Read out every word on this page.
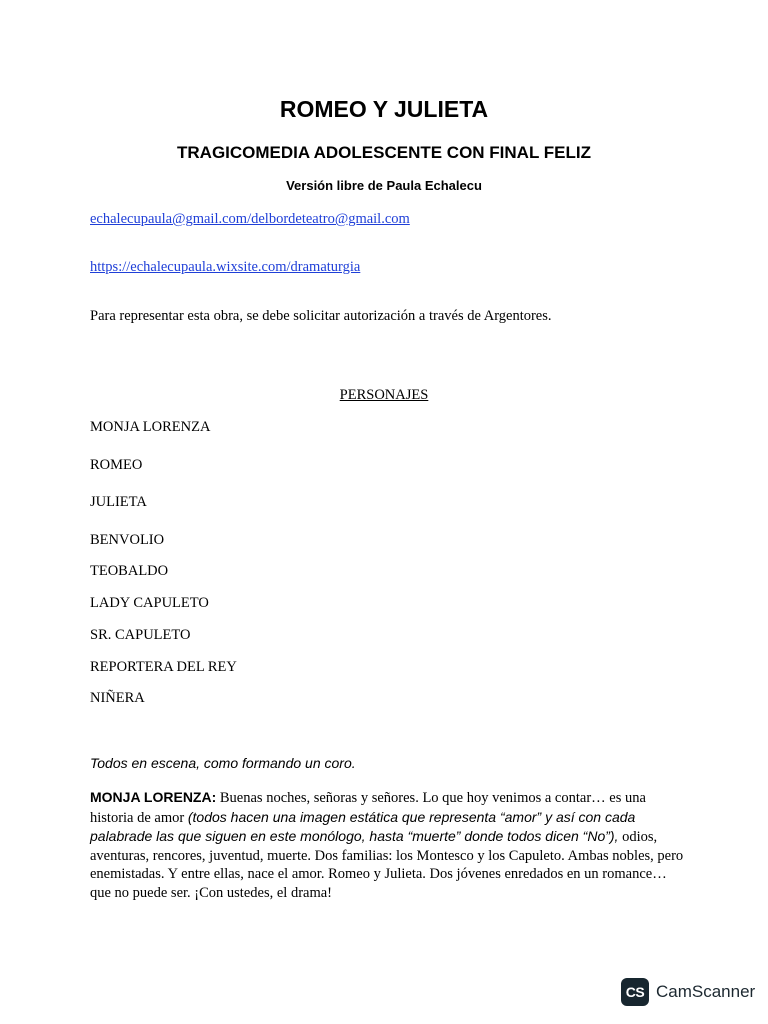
ROMEO Y JULIETA
TRAGICOMEDIA ADOLESCENTE CON FINAL FELIZ
Versión libre de Paula Echalecu
echalecupaula@gmail.com/delbordeteatro@gmail.com
https://echalecupaula.wixsite.com/dramaturgia
Para representar esta obra, se debe solicitar autorización a través de Argentores.
PERSONAJES

MONJA LORENZA

ROMEO

JULIETA

BENVOLIO

TEOBALDO

LADY CAPULETO

SR. CAPULETO

REPORTERA DEL REY

NIÑERA

Todos en escena, como formando un coro.
MONJA LORENZA: Buenas noches, señoras y señores. Lo que hoy venimos a contar… es una historia de amor (todos hacen una imagen estática que representa “amor” y así con cada palabrade las que siguen en este monólogo, hasta “muerte” donde todos dicen “No”), odios, aventuras, rencores, juventud, muerte. Dos familias: los Montesco y los Capuleto. Ambas nobles, pero enemistadas. Y entre ellas, nace el amor. Romeo y Julieta. Dos jóvenes enredados en un romance… que no puede ser. ¡Con ustedes, el drama!
CS CamScanner
